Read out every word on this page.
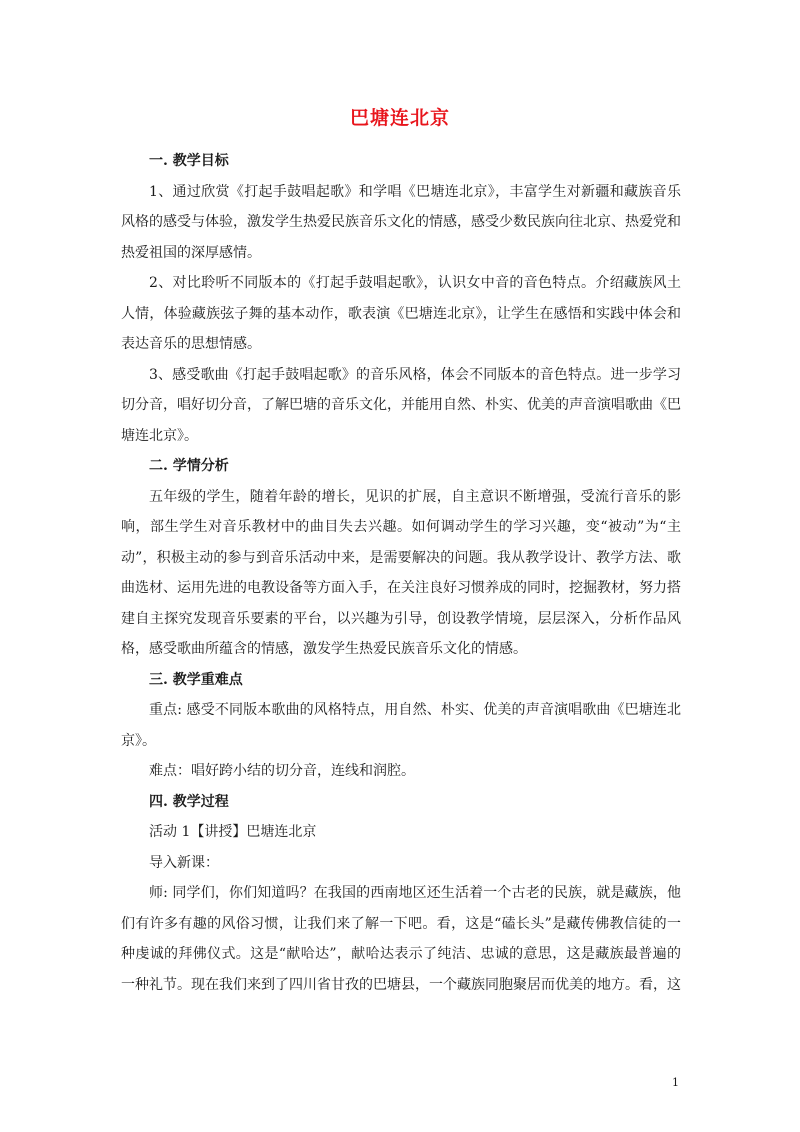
巴塘连北京

一. 教学目标

1、通过欣赏《打起手鼓唱起歌》和学唱《巴塘连北京》，丰富学生对新疆和藏族音乐风格的感受与体验，激发学生热爱民族音乐文化的情感，感受少数民族向往北京、热爱党和热爱祖国的深厚感情。

2、对比聆听不同版本的《打起手鼓唱起歌》，认识女中音的音色特点。介绍藏族风土人情，体验藏族弦子舞的基本动作，歌表演《巴塘连北京》，让学生在感悟和实践中体会和表达音乐的思想情感。

3、感受歌曲《打起手鼓唱起歌》的音乐风格，体会不同版本的音色特点。进一步学习切分音，唱好切分音，了解巴塘的音乐文化，并能用自然、朴实、优美的声音演唱歌曲《巴塘连北京》。

二. 学情分析

五年级的学生，随着年龄的增长，见识的扩展，自主意识不断增强，受流行音乐的影响，部生学生对音乐教材中的曲目失去兴趣。如何调动学生的学习兴趣，变“被动”为“主动”，积极主动的参与到音乐活动中来，是需要解决的问题。我从教学设计、教学方法、歌曲选材、运用先进的电教设备等方面入手，在关注良好习惯养成的同时，挖掘教材，努力搭建自主探究发现音乐要素的平台，以兴趣为引导，创设教学情境，层层深入，分析作品风格，感受歌曲所蕴含的情感，激发学生热爱民族音乐文化的情感。

三. 教学重难点

重点: 感受不同版本歌曲的风格特点，用自然、朴实、优美的声音演唱歌曲《巴塘连北京》。

难点：唱好跨小结的切分音，连线和润腔。

四. 教学过程

活动 1【讲授】巴塘连北京

导入新课：

师: 同学们，你们知道吗？在我国的西南地区还生活着一个古老的民族，就是藏族，他们有许多有趣的风俗习惯，让我们来了解一下吧。看，这是“磕长头”是藏传佛教信徒的一种虔诚的拜佛仪式。这是“献哈达”，献哈达表示了纯洁、忠诚的意思，这是藏族最普遍的一种礼节。现在我们来到了四川省甘孜的巴塘县，一个藏族同胞聚居而优美的地方。看，这

1
